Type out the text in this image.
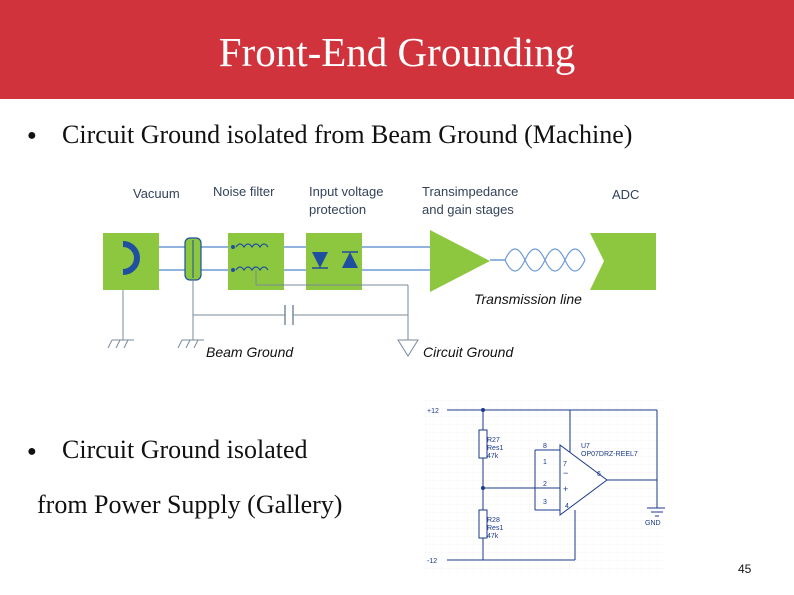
Front-End Grounding
● Circuit Ground isolated from Beam Ground (Machine)
Vacuum	Noise filter	Input voltage
protection
Transimpedance
and gain stages
ADC
Transmission line
Beam Ground	Circuit Ground
● Circuit Ground isolated
from Power Supply (Gallery)
+12
-12
R27
Res1
47k
R28
Res1
47k
−
+
U7
OP07DRZ-REEL7
6
8
1
2
3
7
4
GND
45
